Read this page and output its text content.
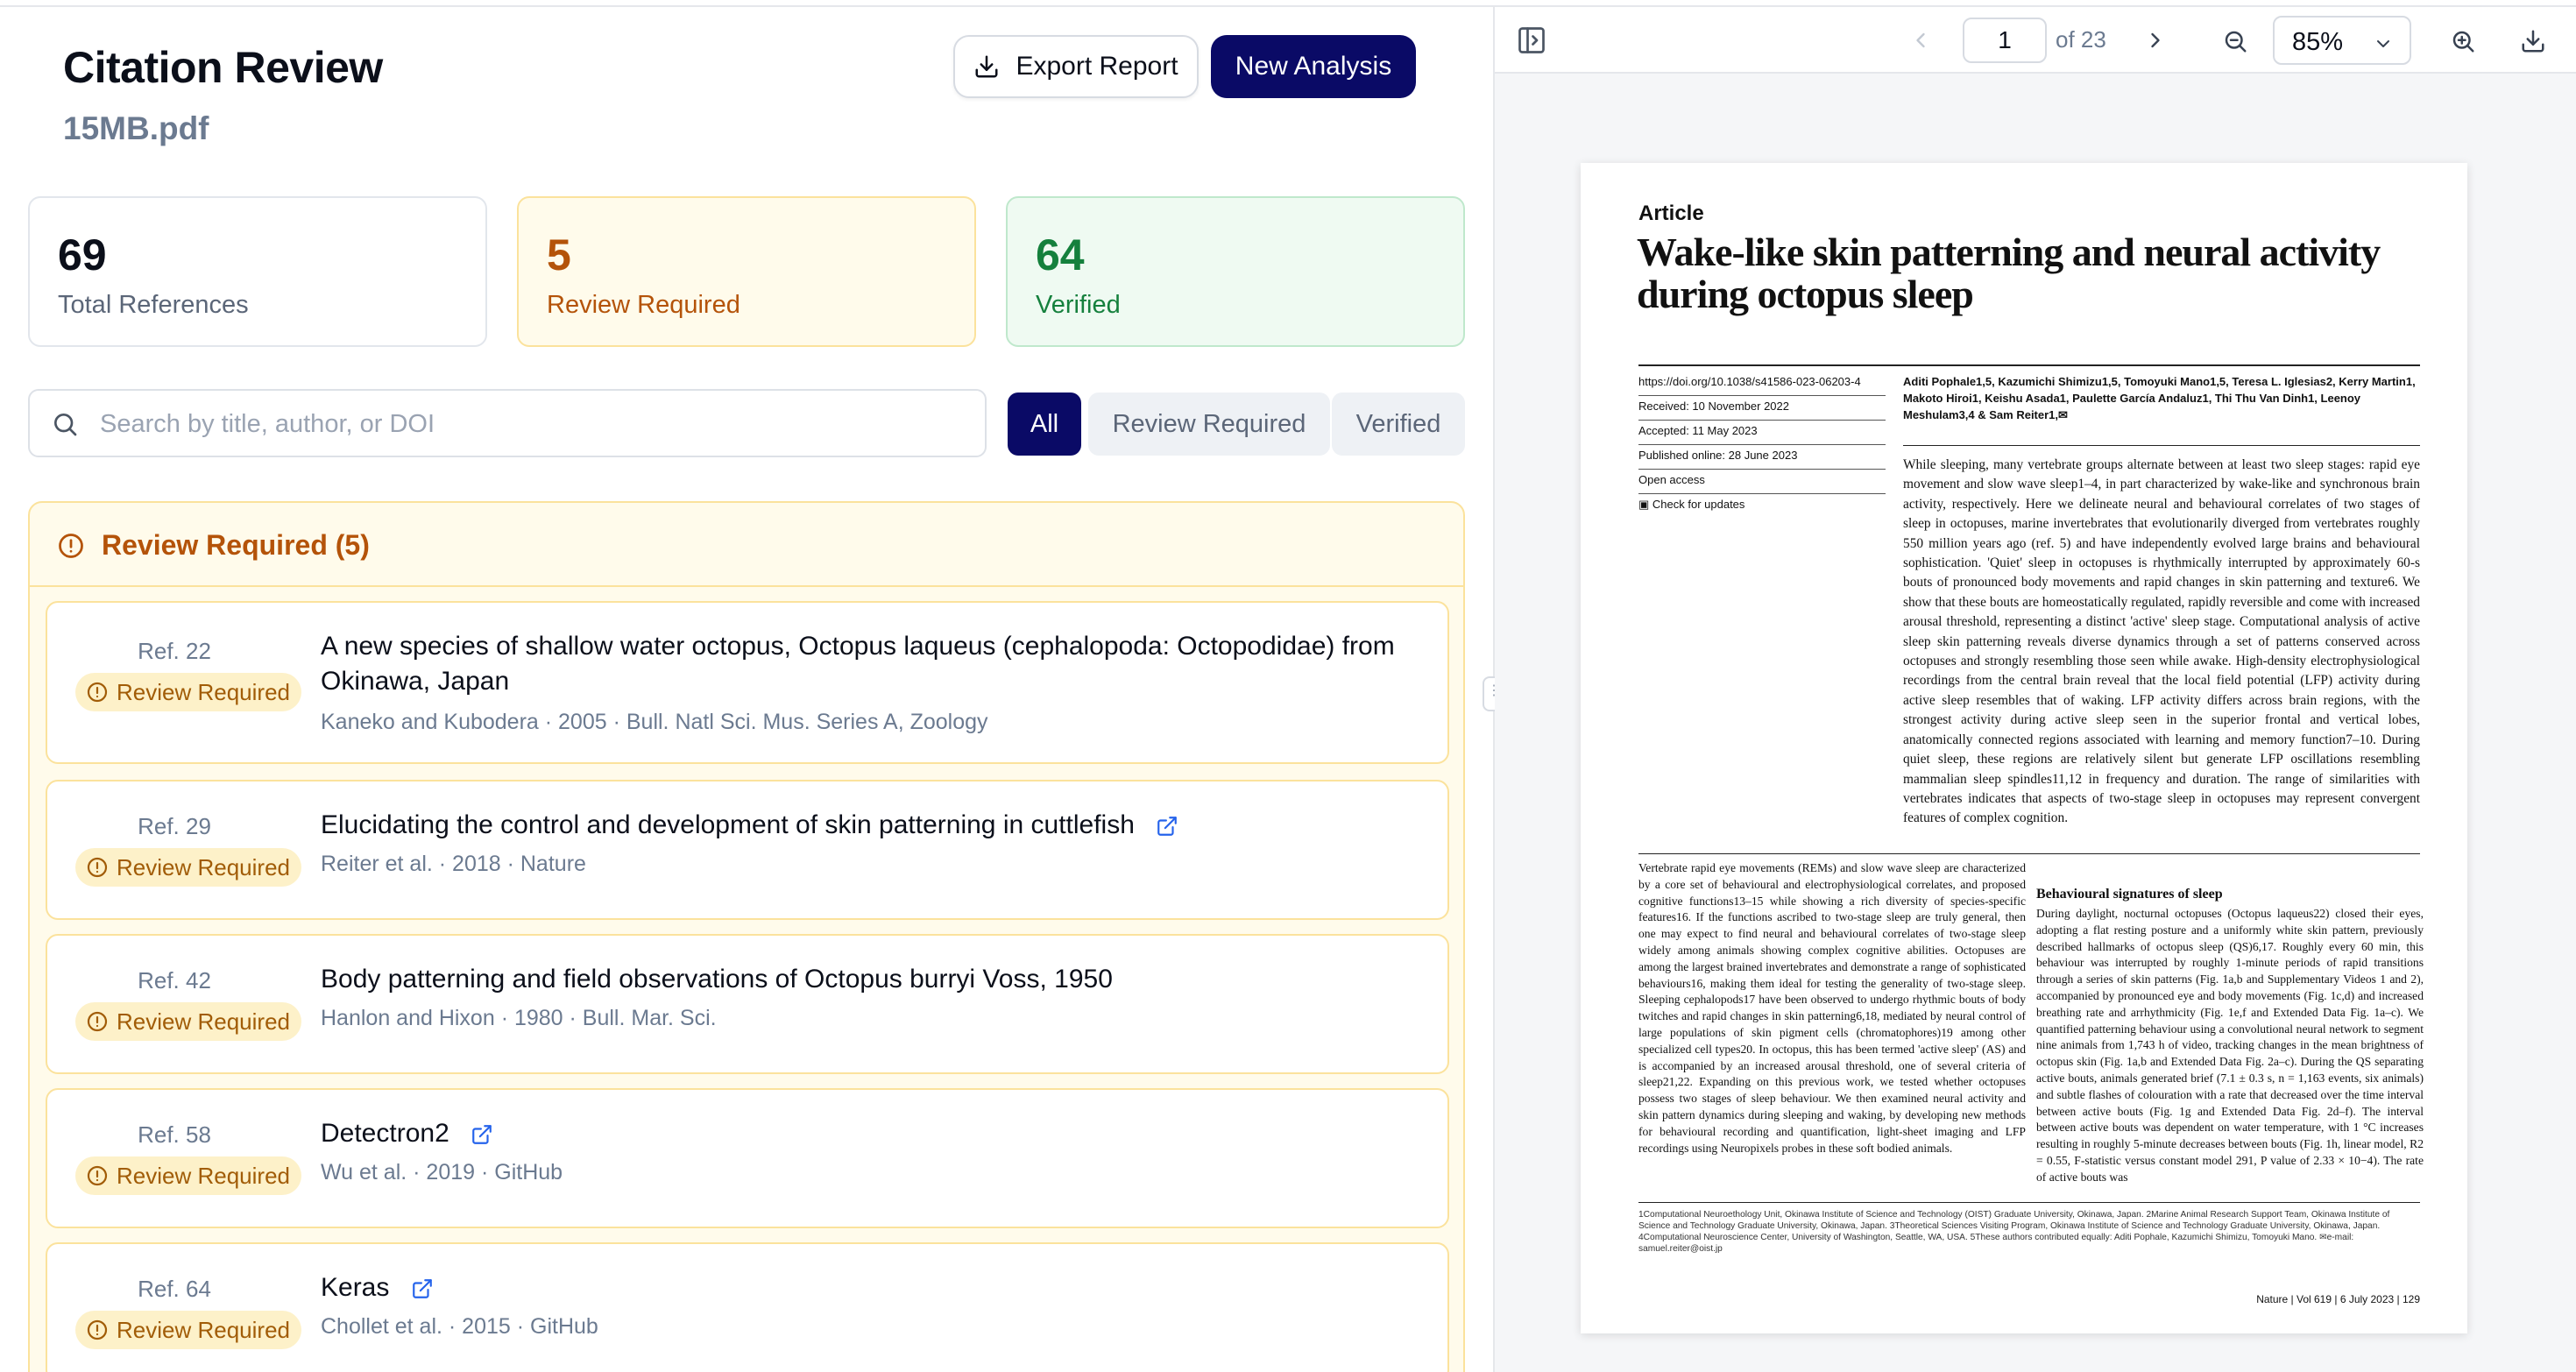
Citation Review
15MB.pdf
Export Report New Analysis
69
Total References
5
Review Required
64
Verified
Search by title, author, or DOI
All	Review Required	Verified
Review Required (5)
Ref. 22
Review Required
A new species of shallow water octopus, Octopus laqueus (cephalopoda: Octopodidae) from Okinawa, Japan
Kaneko and Kubodera · 2005 · Bull. Natl Sci. Mus. Series A, Zoology
Ref. 29
Review Required
Elucidating the control and development of skin patterning in cuttlefish
Reiter et al. · 2018 · Nature
Ref. 42
Review Required
Body patterning and field observations of Octopus burryi Voss, 1950
Hanlon and Hixon · 1980 · Bull. Mar. Sci.
Ref. 58
Review Required
Detectron2
Wu et al. · 2019 · GitHub
Ref. 64
Review Required
Keras
Chollet et al. · 2015 · GitHub
⋮⋮
1	of 23	85%
Article
Wake-like skin patterning and neural activity during octopus sleep
https://doi.org/10.1038/s41586-023-06203-4
Received: 10 November 2022
Accepted: 11 May 2023
Published online: 28 June 2023
Open access
▣ Check for updates
Aditi Pophale1,5, Kazumichi Shimizu1,5, Tomoyuki Mano1,5, Teresa L. Iglesias2, Kerry Martin1, Makoto Hiroi1, Keishu Asada1, Paulette García Andaluz1, Thi Thu Van Dinh1, Leenoy Meshulam3,4 & Sam Reiter1,✉
While sleeping, many vertebrate groups alternate between at least two sleep stages: rapid eye movement and slow wave sleep1–4, in part characterized by wake-like and synchronous brain activity, respectively. Here we delineate neural and behavioural correlates of two stages of sleep in octopuses, marine invertebrates that evolutionarily diverged from vertebrates roughly 550 million years ago (ref. 5) and have independently evolved large brains and behavioural sophistication. 'Quiet' sleep in octopuses is rhythmically interrupted by approximately 60-s bouts of pronounced body movements and rapid changes in skin patterning and texture6. We show that these bouts are homeostatically regulated, rapidly reversible and come with increased arousal threshold, representing a distinct 'active' sleep stage. Computational analysis of active sleep skin patterning reveals diverse dynamics through a set of patterns conserved across octopuses and strongly resembling those seen while awake. High-density electrophysiological recordings from the central brain reveal that the local field potential (LFP) activity during active sleep resembles that of waking. LFP activity differs across brain regions, with the strongest activity during active sleep seen in the superior frontal and vertical lobes, anatomically connected regions associated with learning and memory function7–10. During quiet sleep, these regions are relatively silent but generate LFP oscillations resembling mammalian sleep spindles11,12 in frequency and duration. The range of similarities with vertebrates indicates that aspects of two-stage sleep in octopuses may represent convergent features of complex cognition.
Vertebrate rapid eye movements (REMs) and slow wave sleep are characterized by a core set of behavioural and electrophysiological correlates, and proposed cognitive functions13–15 while showing a rich diversity of species-specific features16. If the functions ascribed to two-stage sleep are truly general, then one may expect to find neural and behavioural correlates of two-stage sleep widely among animals showing complex cognitive abilities. Octopuses are among the largest brained invertebrates and demonstrate a range of sophisticated behaviours16, making them ideal for testing the generality of two-stage sleep. Sleeping cephalopods17 have been observed to undergo rhythmic bouts of body twitches and rapid changes in skin patterning6,18, mediated by neural control of large populations of skin pigment cells (chromatophores)19 among other specialized cell types20. In octopus, this has been termed 'active sleep' (AS) and is accompanied by an increased arousal threshold, one of several criteria of sleep21,22. Expanding on this previous work, we tested whether octopuses possess two stages of sleep behaviour. We then examined neural activity and skin pattern dynamics during sleeping and waking, by developing new methods for behavioural recording and quantification, light-sheet imaging and LFP recordings using Neuropixels probes in these soft bodied animals.
Behavioural signatures of sleep
During daylight, nocturnal octopuses (Octopus laqueus22) closed their eyes, adopting a flat resting posture and a uniformly white skin pattern, previously described hallmarks of octopus sleep (QS)6,17. Roughly every 60 min, this behaviour was interrupted by roughly 1-minute periods of rapid transitions through a series of skin patterns (Fig. 1a,b and Supplementary Videos 1 and 2), accompanied by pronounced eye and body movements (Fig. 1c,d) and increased breathing rate and arrhythmicity (Fig. 1e,f and Extended Data Fig. 1a–c). We quantified patterning behaviour using a convolutional neural network to segment nine animals from 1,743 h of video, tracking changes in the mean brightness of octopus skin (Fig. 1a,b and Extended Data Fig. 2a–c). During the QS separating active bouts, animals generated brief (7.1 ± 0.3 s, n = 1,163 events, six animals) and subtle flashes of colouration with a rate that decreased over the time interval between active bouts (Fig. 1g and Extended Data Fig. 2d–f). The interval between active bouts was dependent on water temperature, with 1 °C increases resulting in roughly 5-minute decreases between bouts (Fig. 1h, linear model, R2 = 0.55, F-statistic versus constant model 291, P value of 2.33 × 10−4). The rate of active bouts was
1Computational Neuroethology Unit, Okinawa Institute of Science and Technology (OIST) Graduate University, Okinawa, Japan. 2Marine Animal Research Support Team, Okinawa Institute of Science and Technology Graduate University, Okinawa, Japan. 3Theoretical Sciences Visiting Program, Okinawa Institute of Science and Technology Graduate University, Okinawa, Japan. 4Computational Neuroscience Center, University of Washington, Seattle, WA, USA. 5These authors contributed equally: Aditi Pophale, Kazumichi Shimizu, Tomoyuki Mano. ✉e-mail: samuel.reiter@oist.jp
Nature | Vol 619 | 6 July 2023 | 129
